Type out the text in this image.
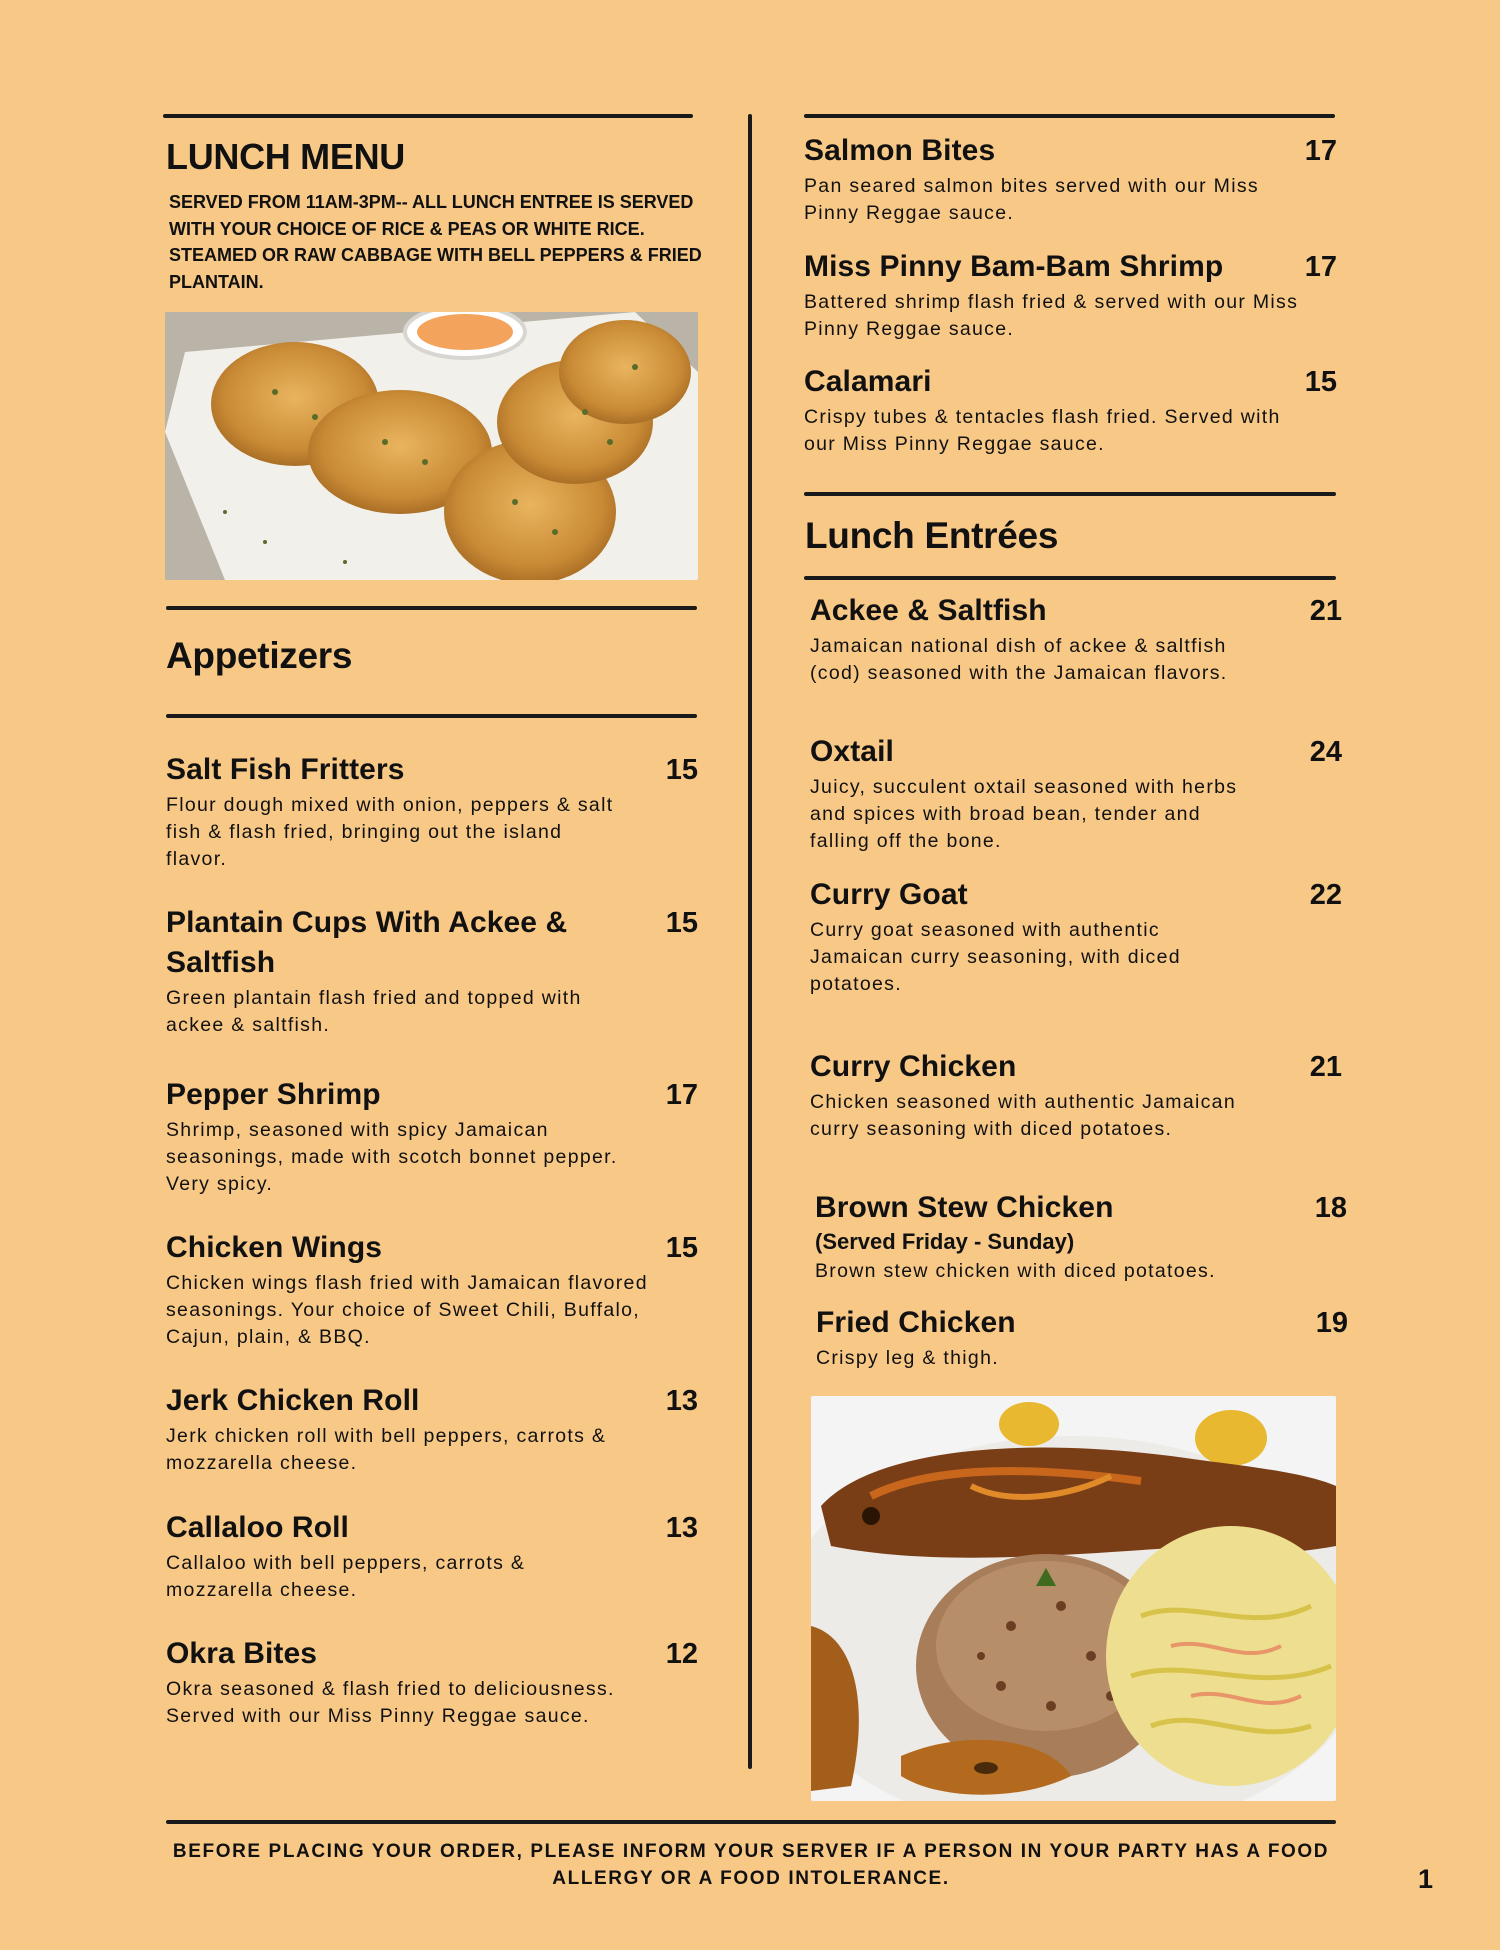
LUNCH MENU
SERVED FROM 11AM-3PM-- ALL LUNCH ENTREE IS SERVED WITH YOUR CHOICE OF RICE & PEAS OR WHITE RICE. STEAMED OR RAW CABBAGE WITH BELL PEPPERS & FRIED PLANTAIN.
Appetizers
Salt Fish Fritters	15
Flour dough mixed with onion, peppers & salt fish & flash fried, bringing out the island flavor.
Plantain Cups With Ackee & Saltfish
15
Green plantain flash fried and topped with ackee & saltfish.
Pepper Shrimp	17
Shrimp, seasoned with spicy Jamaican seasonings, made with scotch bonnet pepper. Very spicy.
Chicken Wings	15
Chicken wings flash fried with Jamaican flavored seasonings. Your choice of Sweet Chili, Buffalo, Cajun, plain, & BBQ.
Jerk Chicken Roll	13
Jerk chicken roll with bell peppers, carrots & mozzarella cheese.
Callaloo Roll	13
Callaloo with bell peppers, carrots & mozzarella cheese.
Okra Bites	12
Okra seasoned & flash fried to deliciousness. Served with our Miss Pinny Reggae sauce.
Salmon Bites	17
Pan seared salmon bites served with our Miss Pinny Reggae sauce.
Miss Pinny Bam-Bam Shrimp	17
Battered shrimp flash fried & served with our Miss Pinny Reggae sauce.
Calamari	15
Crispy tubes & tentacles flash fried. Served with our Miss Pinny Reggae sauce.
Lunch Entrées
Ackee & Saltfish	21
Jamaican national dish of ackee & saltfish (cod) seasoned with the Jamaican flavors.
Oxtail	24
Juicy, succulent oxtail seasoned with herbs and spices with broad bean, tender and falling off the bone.
Curry Goat	22
Curry goat seasoned with authentic Jamaican curry seasoning, with diced potatoes.
Curry Chicken	21
Chicken seasoned with authentic Jamaican curry seasoning with diced potatoes.
Brown Stew Chicken	18
(Served Friday - Sunday)
Brown stew chicken with diced potatoes.
Fried Chicken	19
Crispy leg & thigh.
BEFORE PLACING YOUR ORDER, PLEASE INFORM YOUR SERVER IF A PERSON IN YOUR PARTY HAS A FOOD ALLERGY OR A FOOD INTOLERANCE.	1
